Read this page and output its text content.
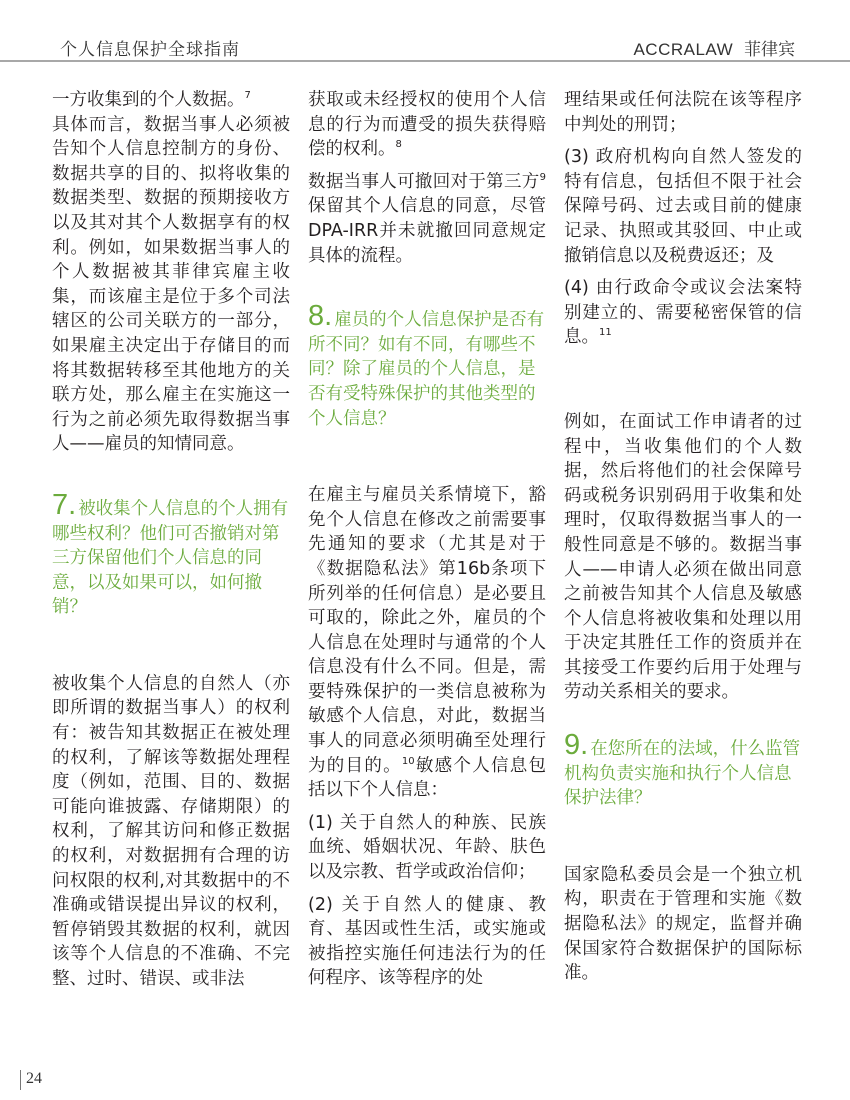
个人信息保护全球指南	ACCRALAW 菲律宾

一方收集到的个人数据。$^7$
具体而言，数据当事人必须被告知个人信息控制方的身份、数据共享的目的、拟将收集的数据类型、数据的预期接收方以及其对其个人数据享有的权利。例如，如果数据当事人的个人数据被其菲律宾雇主收集，而该雇主是位于多个司法辖区的公司关联方的一部分，如果雇主决定出于存储目的而将其数据转移至其他地方的关联方处，那么雇主在实施这一行为之前必须先取得数据当事人——雇员的知情同意。

7. 被收集个人信息的个人拥有哪些权利？他们可否撤销对第三方保留他们个人信息的同意，以及如果可以，如何撤销？

被收集个人信息的自然人（亦即所谓的数据当事人）的权利有：被告知其数据正在被处理的权利，了解该等数据处理程度（例如，范围、目的、数据可能向谁披露、存储期限）的权利，了解其访问和修正数据的权利，对数据拥有合理的访问权限的权利,对其数据中的不准确或错误提出异议的权利，暂停销毁其数据的权利，就因该等个人信息的不准确、不完整、过时、错误、或非法

获取或未经授权的使用个人信息的行为而遭受的损失获得赔偿的权利。$^8$

数据当事人可撤回对于第三方$^9$保留其个人信息的同意，尽管DPA-IRR并未就撤回同意规定具体的流程。

8. 雇员的个人信息保护是否有所不同？如有不同，有哪些不同？除了雇员的个人信息，是否有受特殊保护的其他类型的个人信息？

在雇主与雇员关系情境下，豁免个人信息在修改之前需要事先通知的要求（尤其是对于《数据隐私法》第16b条项下所列举的任何信息）是必要且可取的，除此之外，雇员的个人信息在处理时与通常的个人信息没有什么不同。但是，需要特殊保护的一类信息被称为敏感个人信息，对此，数据当事人的同意必须明确至处理行为的目的。$^{10}$敏感个人信息包括以下个人信息：

(1) 关于自然人的种族、民族血统、婚姻状况、年龄、肤色以及宗教、哲学或政治信仰；

(2) 关于自然人的健康、教育、基因或性生活，或实施或被指控实施任何违法行为的任何程序、该等程序的处

理结果或任何法院在该等程序中判处的刑罚；

(3) 政府机构向自然人签发的特有信息，包括但不限于社会保障号码、过去或目前的健康记录、执照或其驳回、中止或撤销信息以及税费返还；及

(4) 由行政命令或议会法案特别建立的、需要秘密保管的信息。$^{11}$

例如，在面试工作申请者的过程中，当收集他们的个人数据，然后将他们的社会保障号码或税务识别码用于收集和处理时，仅取得数据当事人的一般性同意是不够的。数据当事人——申请人必须在做出同意之前被告知其个人信息及敏感个人信息将被收集和处理以用于决定其胜任工作的资质并在其接受工作要约后用于处理与劳动关系相关的要求。

9. 在您所在的法域，什么监管机构负责实施和执行个人信息保护法律？

国家隐私委员会是一个独立机构，职责在于管理和实施《数据隐私法》的规定，监督并确保国家符合数据保护的国际标准。

24
